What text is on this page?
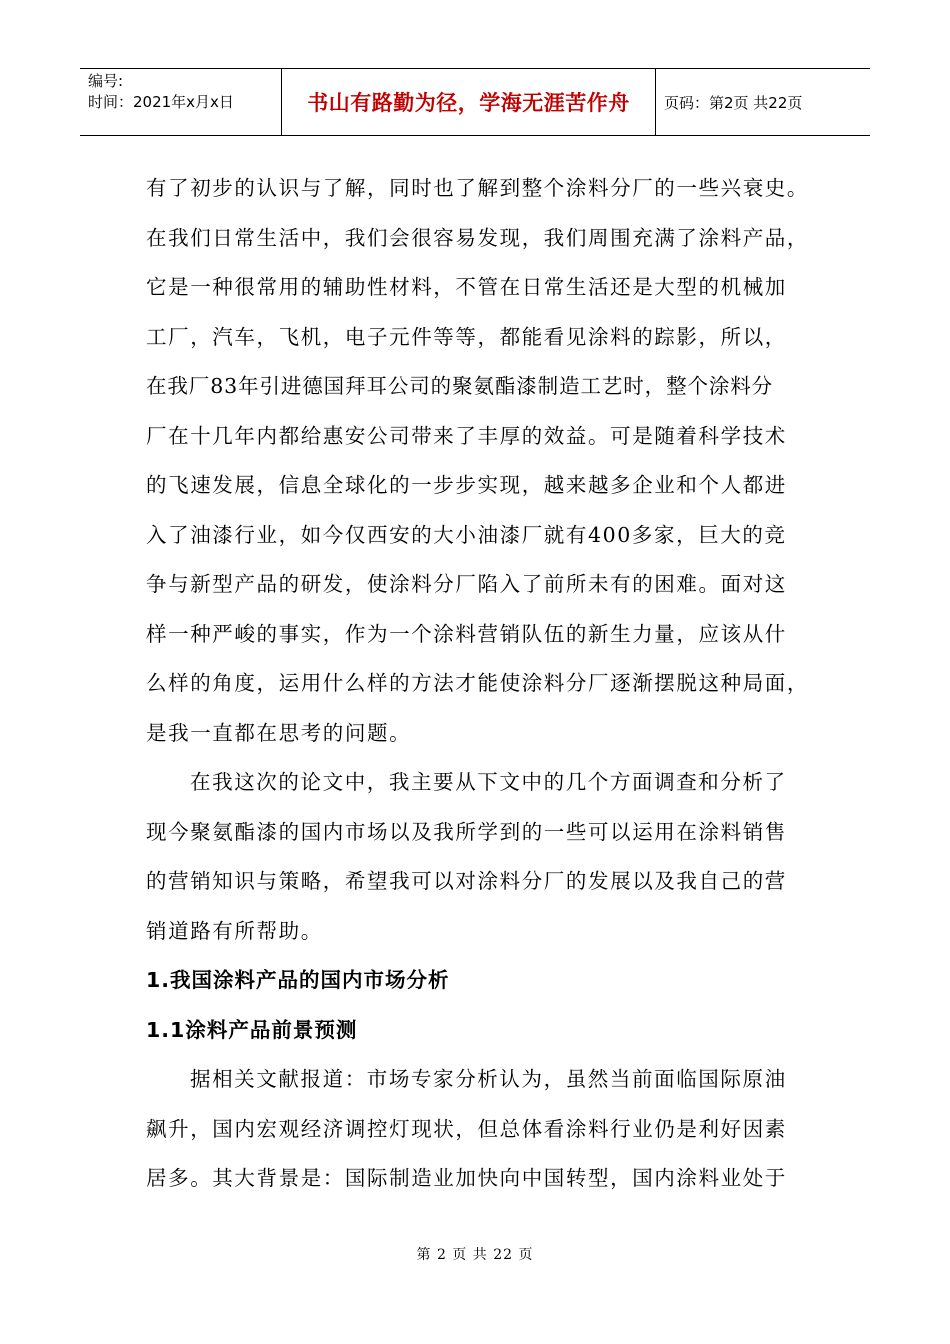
编号:
时间：2021年x月x日	书山有路勤为径，学海无涯苦作舟	页码：第2页 共22页
有了初步的认识与了解，同时也了解到整个涂料分厂的一些兴衰史。
在我们日常生活中，我们会很容易发现，我们周围充满了涂料产品，
它是一种很常用的辅助性材料，不管在日常生活还是大型的机械加
工厂，汽车，飞机，电子元件等等，都能看见涂料的踪影，所以，
在我厂83年引进德国拜耳公司的聚氨酯漆制造工艺时，整个涂料分
厂在十几年内都给惠安公司带来了丰厚的效益。可是随着科学技术
的飞速发展，信息全球化的一步步实现，越来越多企业和个人都进
入了油漆行业，如今仅西安的大小油漆厂就有400多家，巨大的竞
争与新型产品的研发，使涂料分厂陷入了前所未有的困难。面对这
样一种严峻的事实，作为一个涂料营销队伍的新生力量，应该从什
么样的角度，运用什么样的方法才能使涂料分厂逐渐摆脱这种局面，
是我一直都在思考的问题。
在我这次的论文中，我主要从下文中的几个方面调查和分析了
现今聚氨酯漆的国内市场以及我所学到的一些可以运用在涂料销售
的营销知识与策略，希望我可以对涂料分厂的发展以及我自己的营
销道路有所帮助。
1.我国涂料产品的国内市场分析
1.1涂料产品前景预测
据相关文献报道：市场专家分析认为，虽然当前面临国际原油
飙升，国内宏观经济调控灯现状，但总体看涂料行业仍是利好因素
居多。其大背景是：国际制造业加快向中国转型，国内涂料业处于
第 2 页 共 22 页
